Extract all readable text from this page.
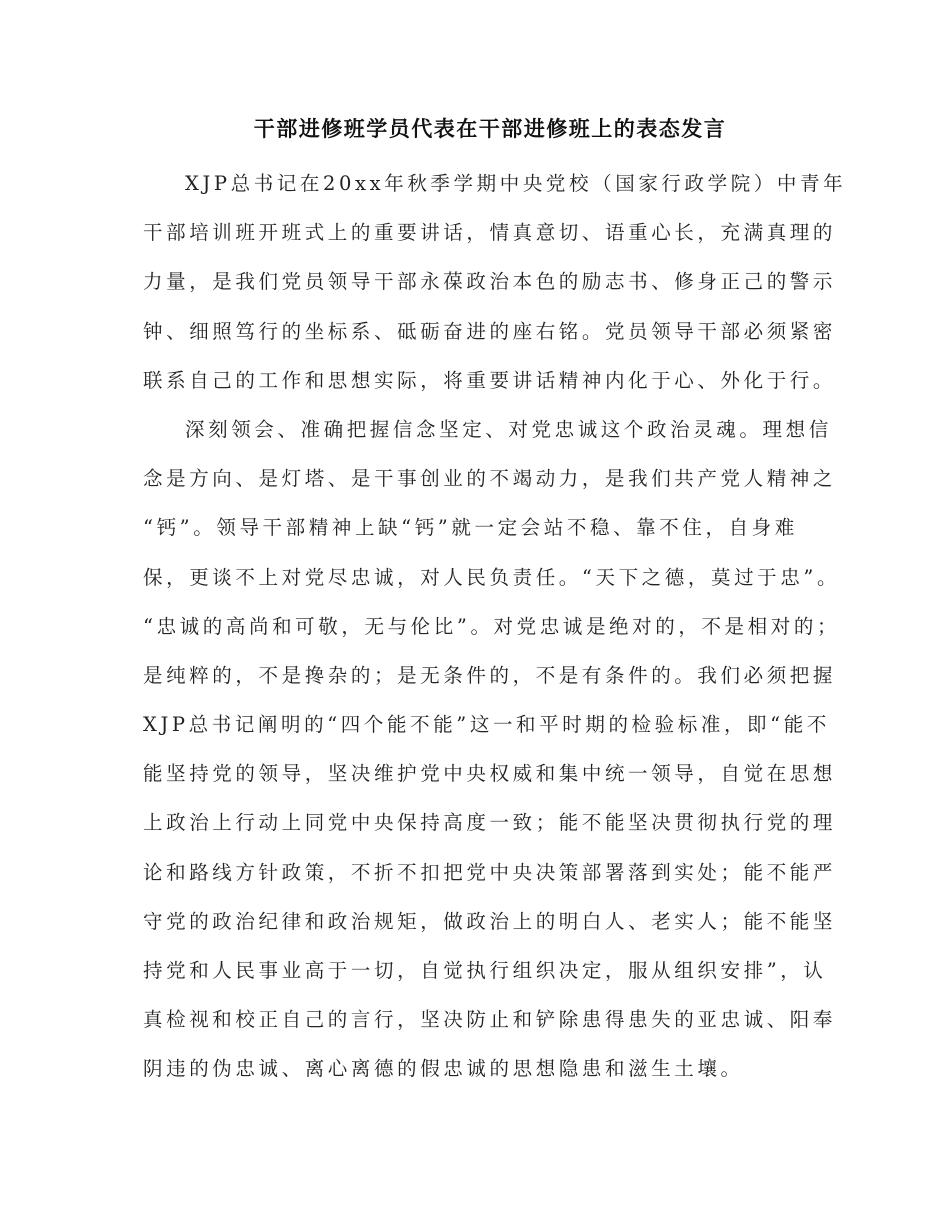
干部进修班学员代表在干部进修班上的表态发言
XJP总书记在20xx年秋季学期中央党校（国家行政学院）中青年
干部培训班开班式上的重要讲话，情真意切、语重心长，充满真理的
力量，是我们党员领导干部永葆政治本色的励志书、修身正己的警示
钟、细照笃行的坐标系、砥砺奋进的座右铭。党员领导干部必须紧密
联系自己的工作和思想实际，将重要讲话精神内化于心、外化于行。
深刻领会、准确把握信念坚定、对党忠诚这个政治灵魂。理想信
念是方向、是灯塔、是干事创业的不竭动力，是我们共产党人精神之
“钙”。领导干部精神上缺“钙”就一定会站不稳、靠不住，自身难
保，更谈不上对党尽忠诚，对人民负责任。“天下之德，莫过于忠”。
“忠诚的高尚和可敬，无与伦比”。对党忠诚是绝对的，不是相对的；
是纯粹的，不是搀杂的；是无条件的，不是有条件的。我们必须把握
XJP总书记阐明的“四个能不能”这一和平时期的检验标准，即“能不
能坚持党的领导，坚决维护党中央权威和集中统一领导，自觉在思想
上政治上行动上同党中央保持高度一致；能不能坚决贯彻执行党的理
论和路线方针政策，不折不扣把党中央决策部署落到实处；能不能严
守党的政治纪律和政治规矩，做政治上的明白人、老实人；能不能坚
持党和人民事业高于一切，自觉执行组织决定，服从组织安排”，认
真检视和校正自己的言行，坚决防止和铲除患得患失的亚忠诚、阳奉
阴违的伪忠诚、离心离德的假忠诚的思想隐患和滋生土壤。
